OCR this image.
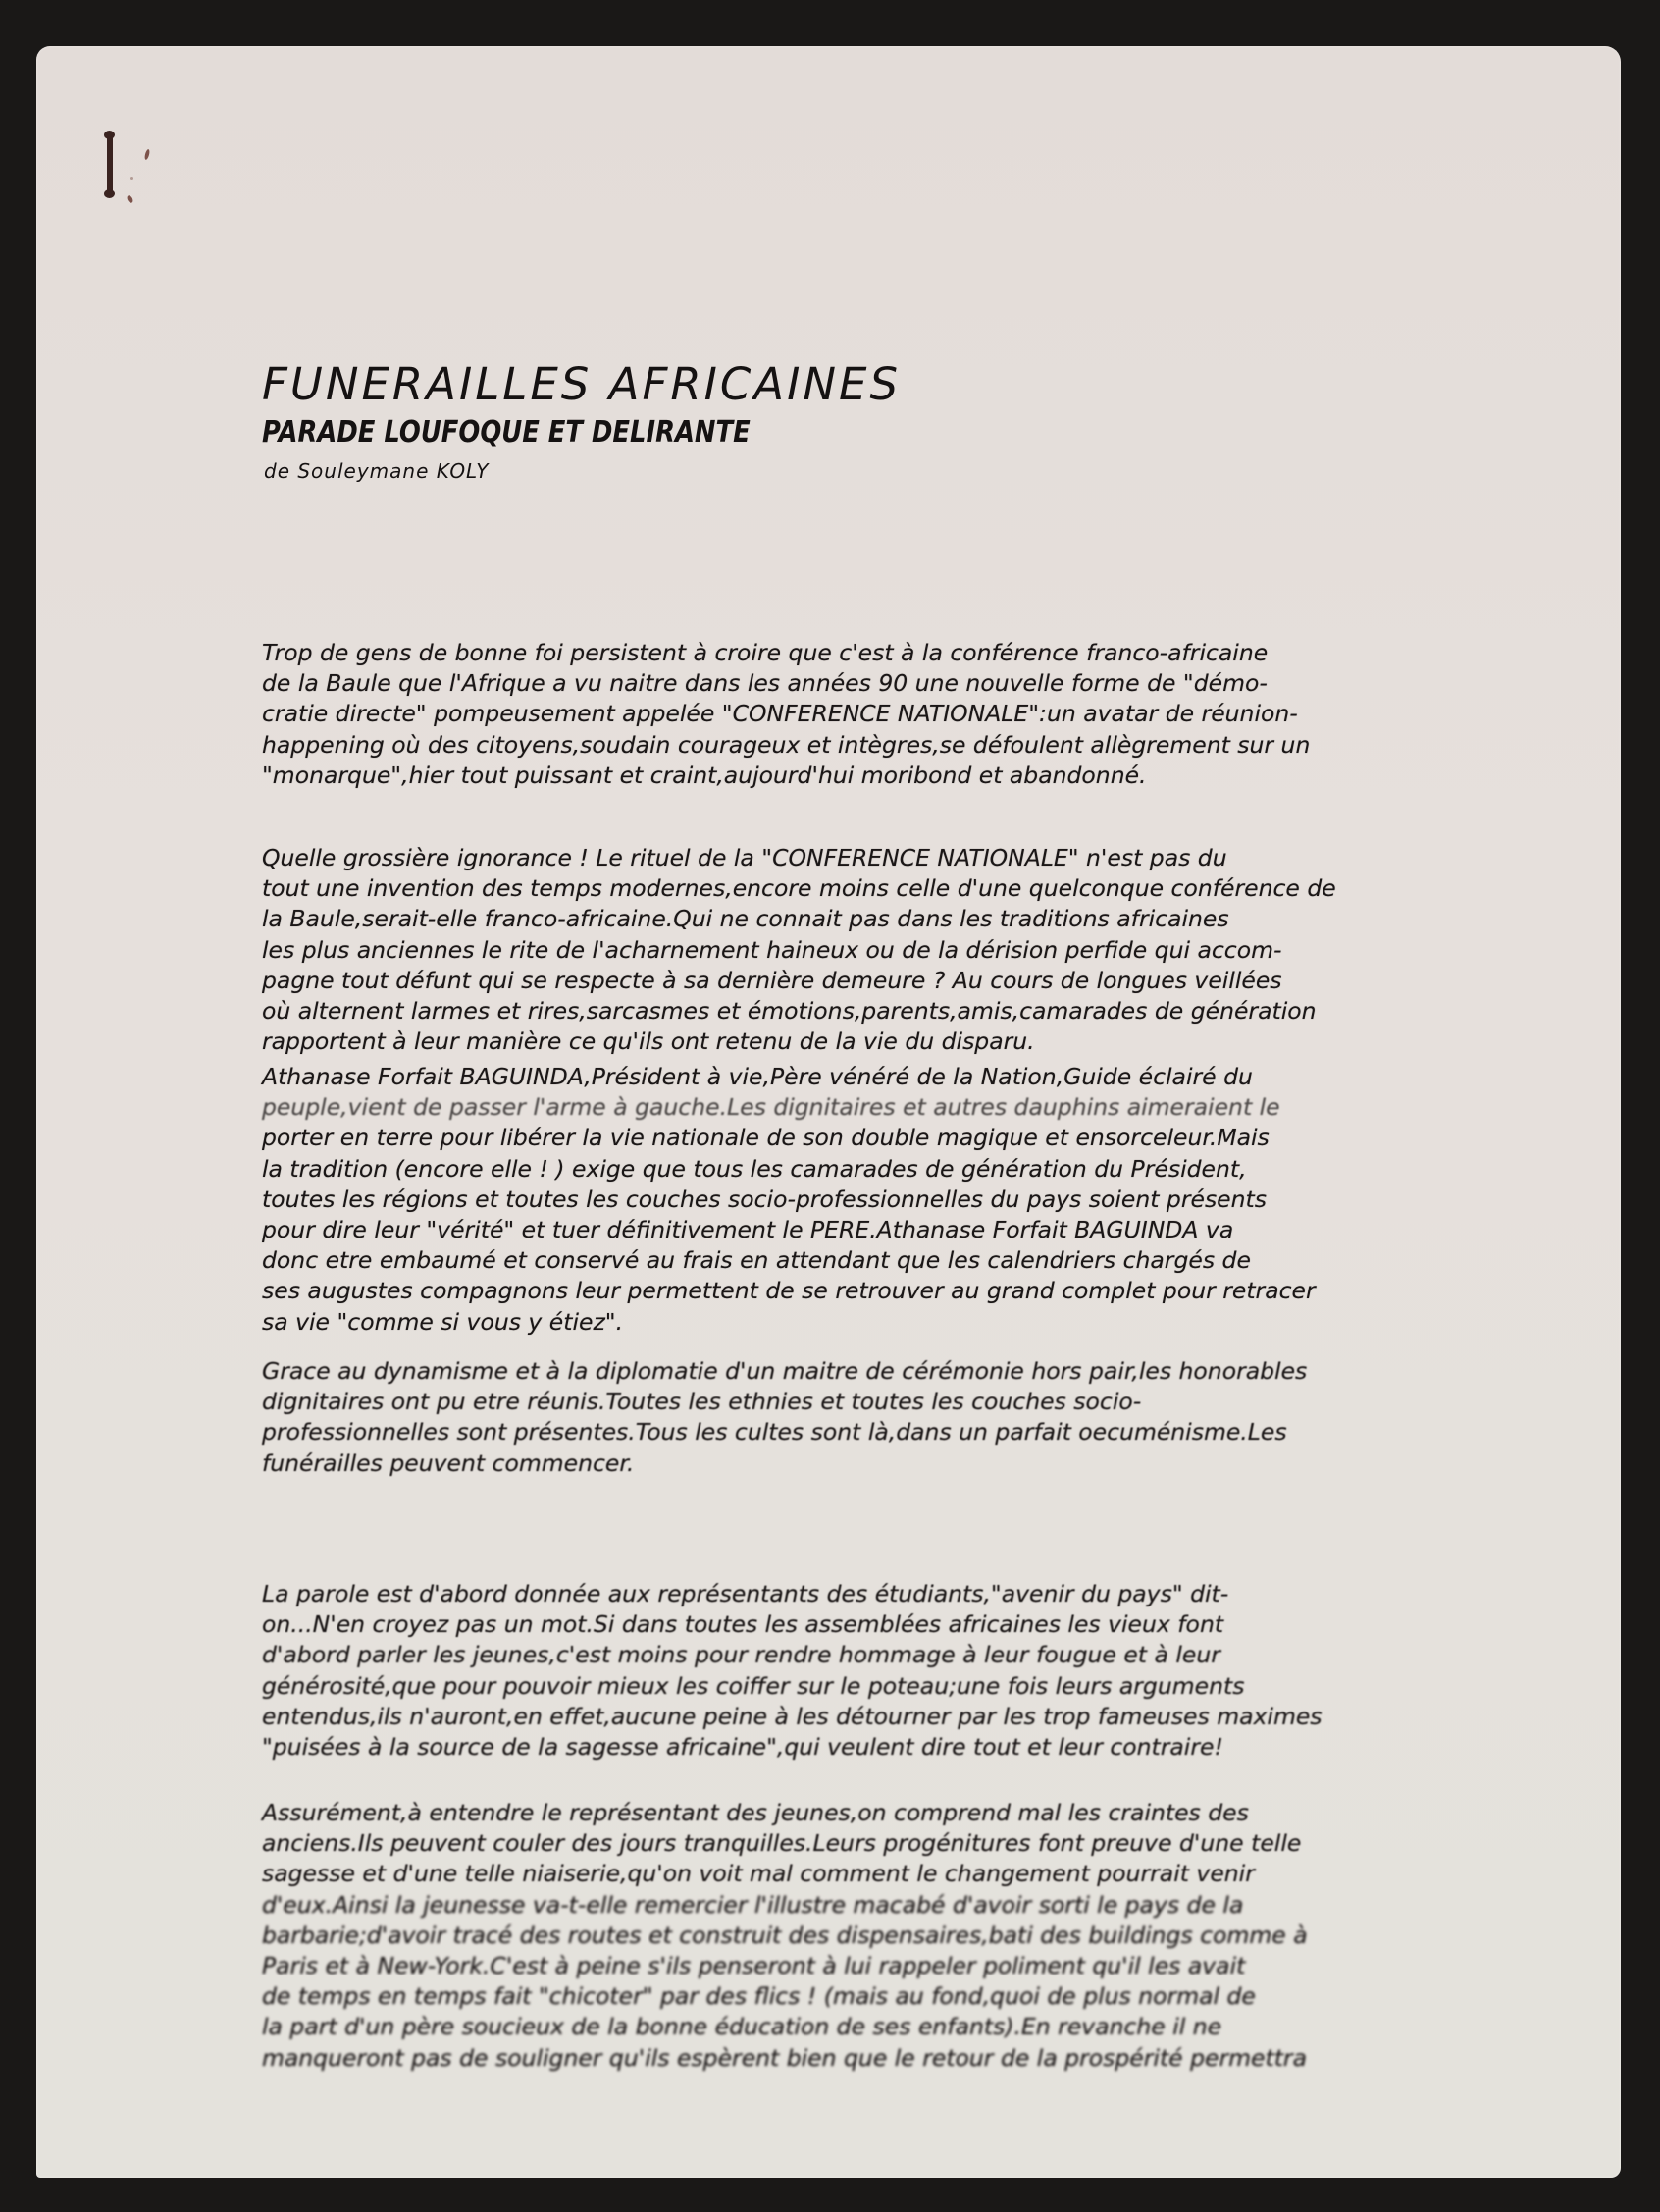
FUNERAILLES AFRICAINES
PARADE LOUFOQUE ET DELIRANTE
de Souleymane KOLY
Trop de gens de bonne foi persistent à croire que c'est à la conférence franco-africaine
de la Baule que l'Afrique a vu naitre dans les années 90 une nouvelle forme de "démo-
cratie directe" pompeusement appelée "CONFERENCE NATIONALE":un avatar de réunion-
happening où des citoyens,soudain courageux et intègres,se défoulent allègrement sur un
"monarque",hier tout puissant et craint,aujourd'hui moribond et abandonné.
Quelle grossière ignorance ! Le rituel de la "CONFERENCE NATIONALE" n'est pas du
tout une invention des temps modernes,encore moins celle d'une quelconque conférence de
la Baule,serait-elle franco-africaine.Qui ne connait pas dans les traditions africaines
les plus anciennes le rite de l'acharnement haineux ou de la dérision perfide qui accom-
pagne tout défunt qui se respecte à sa dernière demeure ? Au cours de longues veillées
où alternent larmes et rires,sarcasmes et émotions,parents,amis,camarades de génération
rapportent à leur manière ce qu'ils ont retenu de la vie du disparu.
Athanase Forfait BAGUINDA,Président à vie,Père vénéré de la Nation,Guide éclairé du
peuple,vient de passer l'arme à gauche.Les dignitaires et autres dauphins aimeraient le
porter en terre pour libérer la vie nationale de son double magique et ensorceleur.Mais
la tradition (encore elle ! ) exige que tous les camarades de génération du Président,
toutes les régions et toutes les couches socio-professionnelles du pays soient présents
pour dire leur "vérité" et tuer définitivement le PERE.Athanase Forfait BAGUINDA va
donc etre embaumé et conservé au frais en attendant que les calendriers chargés de
ses augustes compagnons leur permettent de se retrouver au grand complet pour retracer
sa vie "comme si vous y étiez".
Grace au dynamisme et à la diplomatie d'un maitre de cérémonie hors pair,les honorables
dignitaires ont pu etre réunis.Toutes les ethnies et toutes les couches socio-
professionnelles sont présentes.Tous les cultes sont là,dans un parfait oecuménisme.Les
funérailles peuvent commencer.
La parole est d'abord donnée aux représentants des étudiants,"avenir du pays" dit-
on...N'en croyez pas un mot.Si dans toutes les assemblées africaines les vieux font
d'abord parler les jeunes,c'est moins pour rendre hommage à leur fougue et à leur
générosité,que pour pouvoir mieux les coiffer sur le poteau;une fois leurs arguments
entendus,ils n'auront,en effet,aucune peine à les détourner par les trop fameuses maximes
"puisées à la source de la sagesse africaine",qui veulent dire tout et leur contraire!
Assurément,à entendre le représentant des jeunes,on comprend mal les craintes des
anciens.Ils peuvent couler des jours tranquilles.Leurs progénitures font preuve d'une telle
sagesse et d'une telle niaiserie,qu'on voit mal comment le changement pourrait venir
d'eux.Ainsi la jeunesse va-t-elle remercier l'illustre macabé d'avoir sorti le pays de la
barbarie;d'avoir tracé des routes et construit des dispensaires,bati des buildings comme à
Paris et à New-York.C'est à peine s'ils penseront à lui rappeler poliment qu'il les avait
de temps en temps fait "chicoter" par des flics ! (mais au fond,quoi de plus normal de
la part d'un père soucieux de la bonne éducation de ses enfants).En revanche il ne
manqueront pas de souligner qu'ils espèrent bien que le retour de la prospérité permettra
